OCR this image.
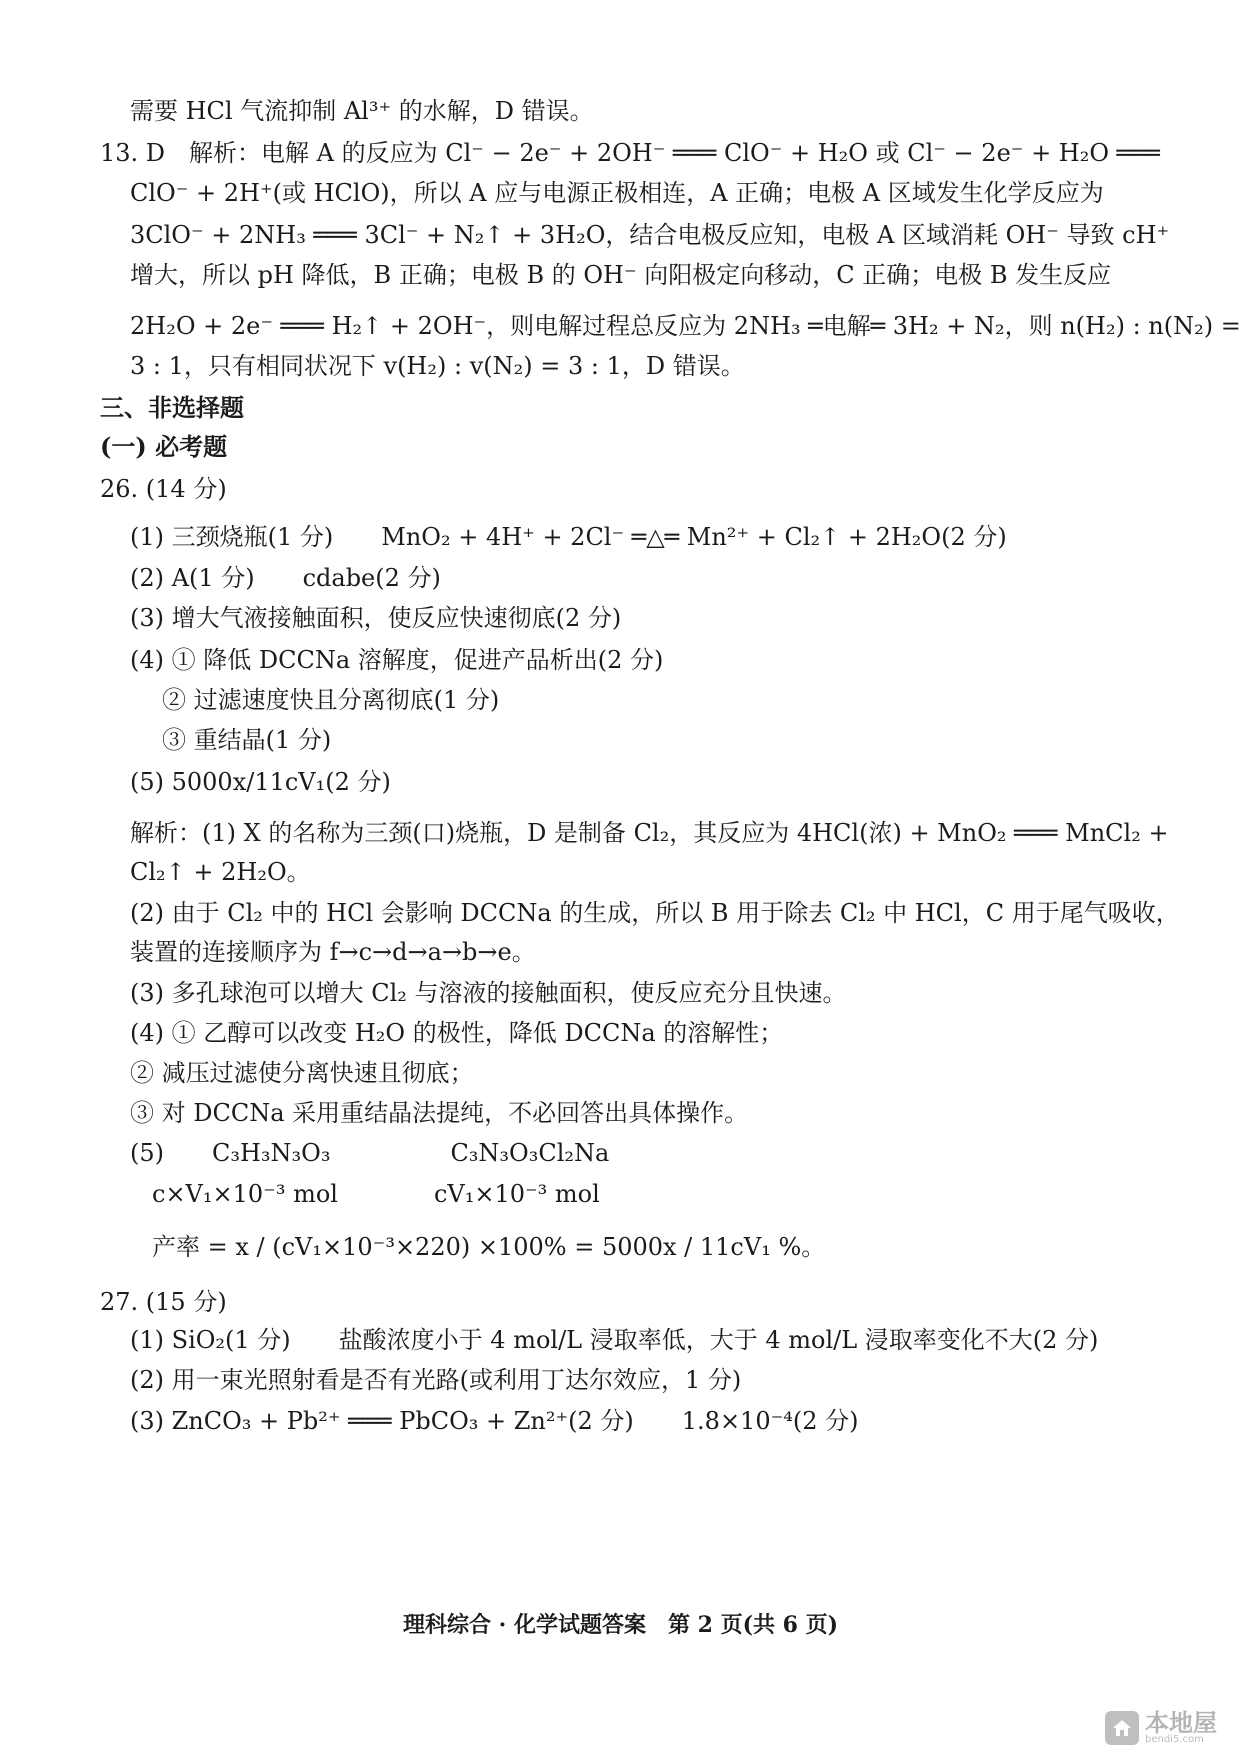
需要 HCl 气流抑制 Al³⁺ 的水解，D 错误。
13. D　解析：电解 A 的反应为 Cl⁻ − 2e⁻ + 2OH⁻ ═══ ClO⁻ + H₂O 或 Cl⁻ − 2e⁻ + H₂O ═══
ClO⁻ + 2H⁺(或 HClO)，所以 A 应与电源正极相连，A 正确；电极 A 区域发生化学反应为
3ClO⁻ + 2NH₃ ═══ 3Cl⁻ + N₂↑ + 3H₂O，结合电极反应知，电极 A 区域消耗 OH⁻ 导致 cH⁺
增大，所以 pH 降低，B 正确；电极 B 的 OH⁻ 向阳极定向移动，C 正确；电极 B 发生反应
2H₂O + 2e⁻ ═══ H₂↑ + 2OH⁻，则电解过程总反应为 2NH₃ ═电解═ 3H₂ + N₂，则 n(H₂) : n(N₂) =
3 : 1，只有相同状况下 v(H₂) : v(N₂) = 3 : 1，D 错误。
三、非选择题
(一) 必考题
26. (14 分)
(1) 三颈烧瓶(1 分)　　MnO₂ + 4H⁺ + 2Cl⁻ ═△═ Mn²⁺ + Cl₂↑ + 2H₂O(2 分)
(2) A(1 分)　　cdabe(2 分)
(3) 增大气液接触面积，使反应快速彻底(2 分)
(4) ① 降低 DCCNa 溶解度，促进产品析出(2 分)
② 过滤速度快且分离彻底(1 分)
③ 重结晶(1 分)
(5) 5000x/11cV₁(2 分)
解析：(1) X 的名称为三颈(口)烧瓶，D 是制备 Cl₂，其反应为 4HCl(浓) + MnO₂ ═══ MnCl₂ +
Cl₂↑ + 2H₂O。
(2) 由于 Cl₂ 中的 HCl 会影响 DCCNa 的生成，所以 B 用于除去 Cl₂ 中 HCl，C 用于尾气吸收，
装置的连接顺序为 f→c→d→a→b→e。
(3) 多孔球泡可以增大 Cl₂ 与溶液的接触面积，使反应充分且快速。
(4) ① 乙醇可以改变 H₂O 的极性，降低 DCCNa 的溶解性；
② 减压过滤使分离快速且彻底；
③ 对 DCCNa 采用重结晶法提纯，不必回答出具体操作。
(5)　　C₃H₃N₃O₃　　　　　C₃N₃O₃Cl₂Na
c×V₁×10⁻³ mol　　　　cV₁×10⁻³ mol
产率 = x / (cV₁×10⁻³×220) ×100% = 5000x / 11cV₁ %。
27. (15 分)
(1) SiO₂(1 分)　　盐酸浓度小于 4 mol/L 浸取率低，大于 4 mol/L 浸取率变化不大(2 分)
(2) 用一束光照射看是否有光路(或利用丁达尔效应，1 分)
(3) ZnCO₃ + Pb²⁺ ═══ PbCO₃ + Zn²⁺(2 分)　　1.8×10⁻⁴(2 分)
理科综合 · 化学试题答案　第 2 页(共 6 页)
本地屋
bendi5.com
